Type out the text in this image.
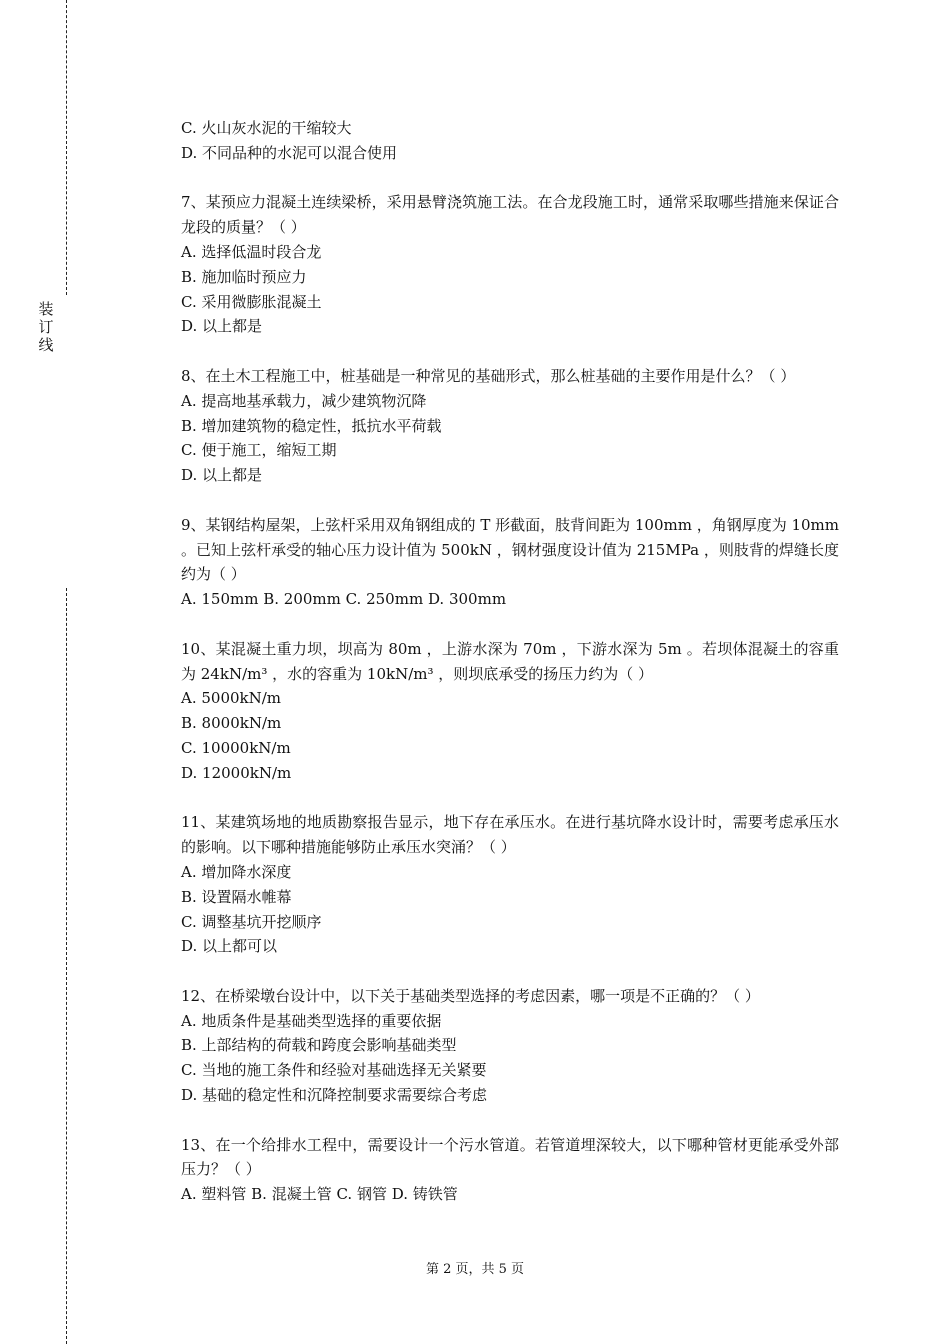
装
订
线
C. 火山灰水泥的干缩较大
D. 不同品种的水泥可以混合使用
7、某预应力混凝土连续梁桥，采用悬臂浇筑施工法。在合龙段施工时，通常采取哪些措施来保证合龙段的质量？（ ）
A. 选择低温时段合龙
B. 施加临时预应力
C. 采用微膨胀混凝土
D. 以上都是
8、在土木工程施工中，桩基础是一种常见的基础形式，那么桩基础的主要作用是什么？（ ）
A. 提高地基承载力，减少建筑物沉降
B. 增加建筑物的稳定性，抵抗水平荷载
C. 便于施工，缩短工期
D. 以上都是
9、某钢结构屋架，上弦杆采用双角钢组成的 T 形截面，肢背间距为 100mm ，角钢厚度为 10mm 。已知上弦杆承受的轴心压力设计值为 500kN ，钢材强度设计值为 215MPa ，则肢背的焊缝长度约为（ ）
A. 150mm B. 200mm C. 250mm D. 300mm
10、某混凝土重力坝，坝高为 80m ，上游水深为 70m ，下游水深为 5m 。若坝体混凝土的容重为 24kN/m³ ，水的容重为 10kN/m³ ，则坝底承受的扬压力约为（ ）
A. 5000kN/m
B. 8000kN/m
C. 10000kN/m
D. 12000kN/m
11、某建筑场地的地质勘察报告显示，地下存在承压水。在进行基坑降水设计时，需要考虑承压水的影响。以下哪种措施能够防止承压水突涌？（ ）
A. 增加降水深度
B. 设置隔水帷幕
C. 调整基坑开挖顺序
D. 以上都可以
12、在桥梁墩台设计中，以下关于基础类型选择的考虑因素，哪一项是不正确的？（ ）
A. 地质条件是基础类型选择的重要依据
B. 上部结构的荷载和跨度会影响基础类型
C. 当地的施工条件和经验对基础选择无关紧要
D. 基础的稳定性和沉降控制要求需要综合考虑
13、在一个给排水工程中，需要设计一个污水管道。若管道埋深较大，以下哪种管材更能承受外部压力？（ ）
A. 塑料管 B. 混凝土管 C. 钢管 D. 铸铁管
第 2 页，共 5 页
